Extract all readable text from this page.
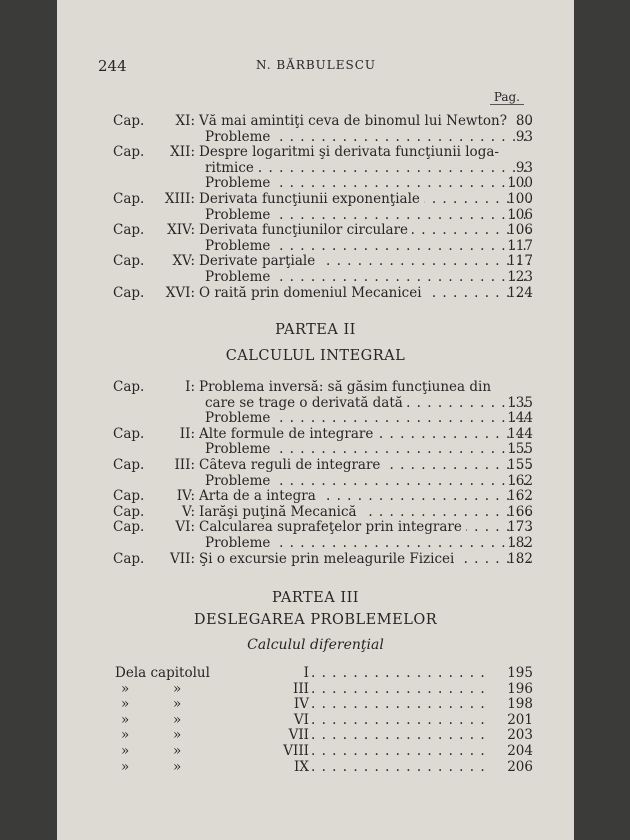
244	N. BĂRBULESCU
Pag.
Cap.	XI: Vă mai amintiţi ceva de binomul lui Newton? . . . 80
Probleme . . .	93
Cap.	XII: Despre logaritmi şi derivata funcţiunii loga-
ritmice . . .	93
Probleme . . .	100
Cap.	XIII: Derivata funcţiunii exponenţiale . . .	100
Probleme . . .	106
Cap.	XIV: Derivata funcţiunilor circulare . . .	106
Probleme . . .	117
Cap.	XV: Derivate parţiale . . .	117
Probleme . . .	123
Cap.	XVI: O raită prin domeniul Mecanicei . . .	124
PARTEA II
CALCULUL INTEGRAL
Cap.	I: Problema inversă: să găsim funcţiunea din
care se trage o derivată dată . . .	135
Probleme . . .	144
Cap.	II: Alte formule de integrare . . .	144
Probleme . . .	155
Cap.	III: Câteva reguli de integrare . . .	155
Probleme . . .	162
Cap.	IV: Arta de a integra . . .	162
Cap.	V: Iarăşi puţină Mecanică . . .	166
Cap.	VI: Calcularea suprafeţelor prin integrare . . .	173
Probleme . . .	182
Cap.	VII: Şi o excursie prin meleagurile Fizicei . . .	182
PARTEA III
DESLEGAREA PROBLEMELOR
Calculul diferenţial
Dela capitolul	I . . .	195
»	»	III . . .	196
»	»	IV . . .	198
»	»	VI . . .	201
»	»	VII . . .	203
»	»	VIII . . .	204
»	»	IX . . .	206
